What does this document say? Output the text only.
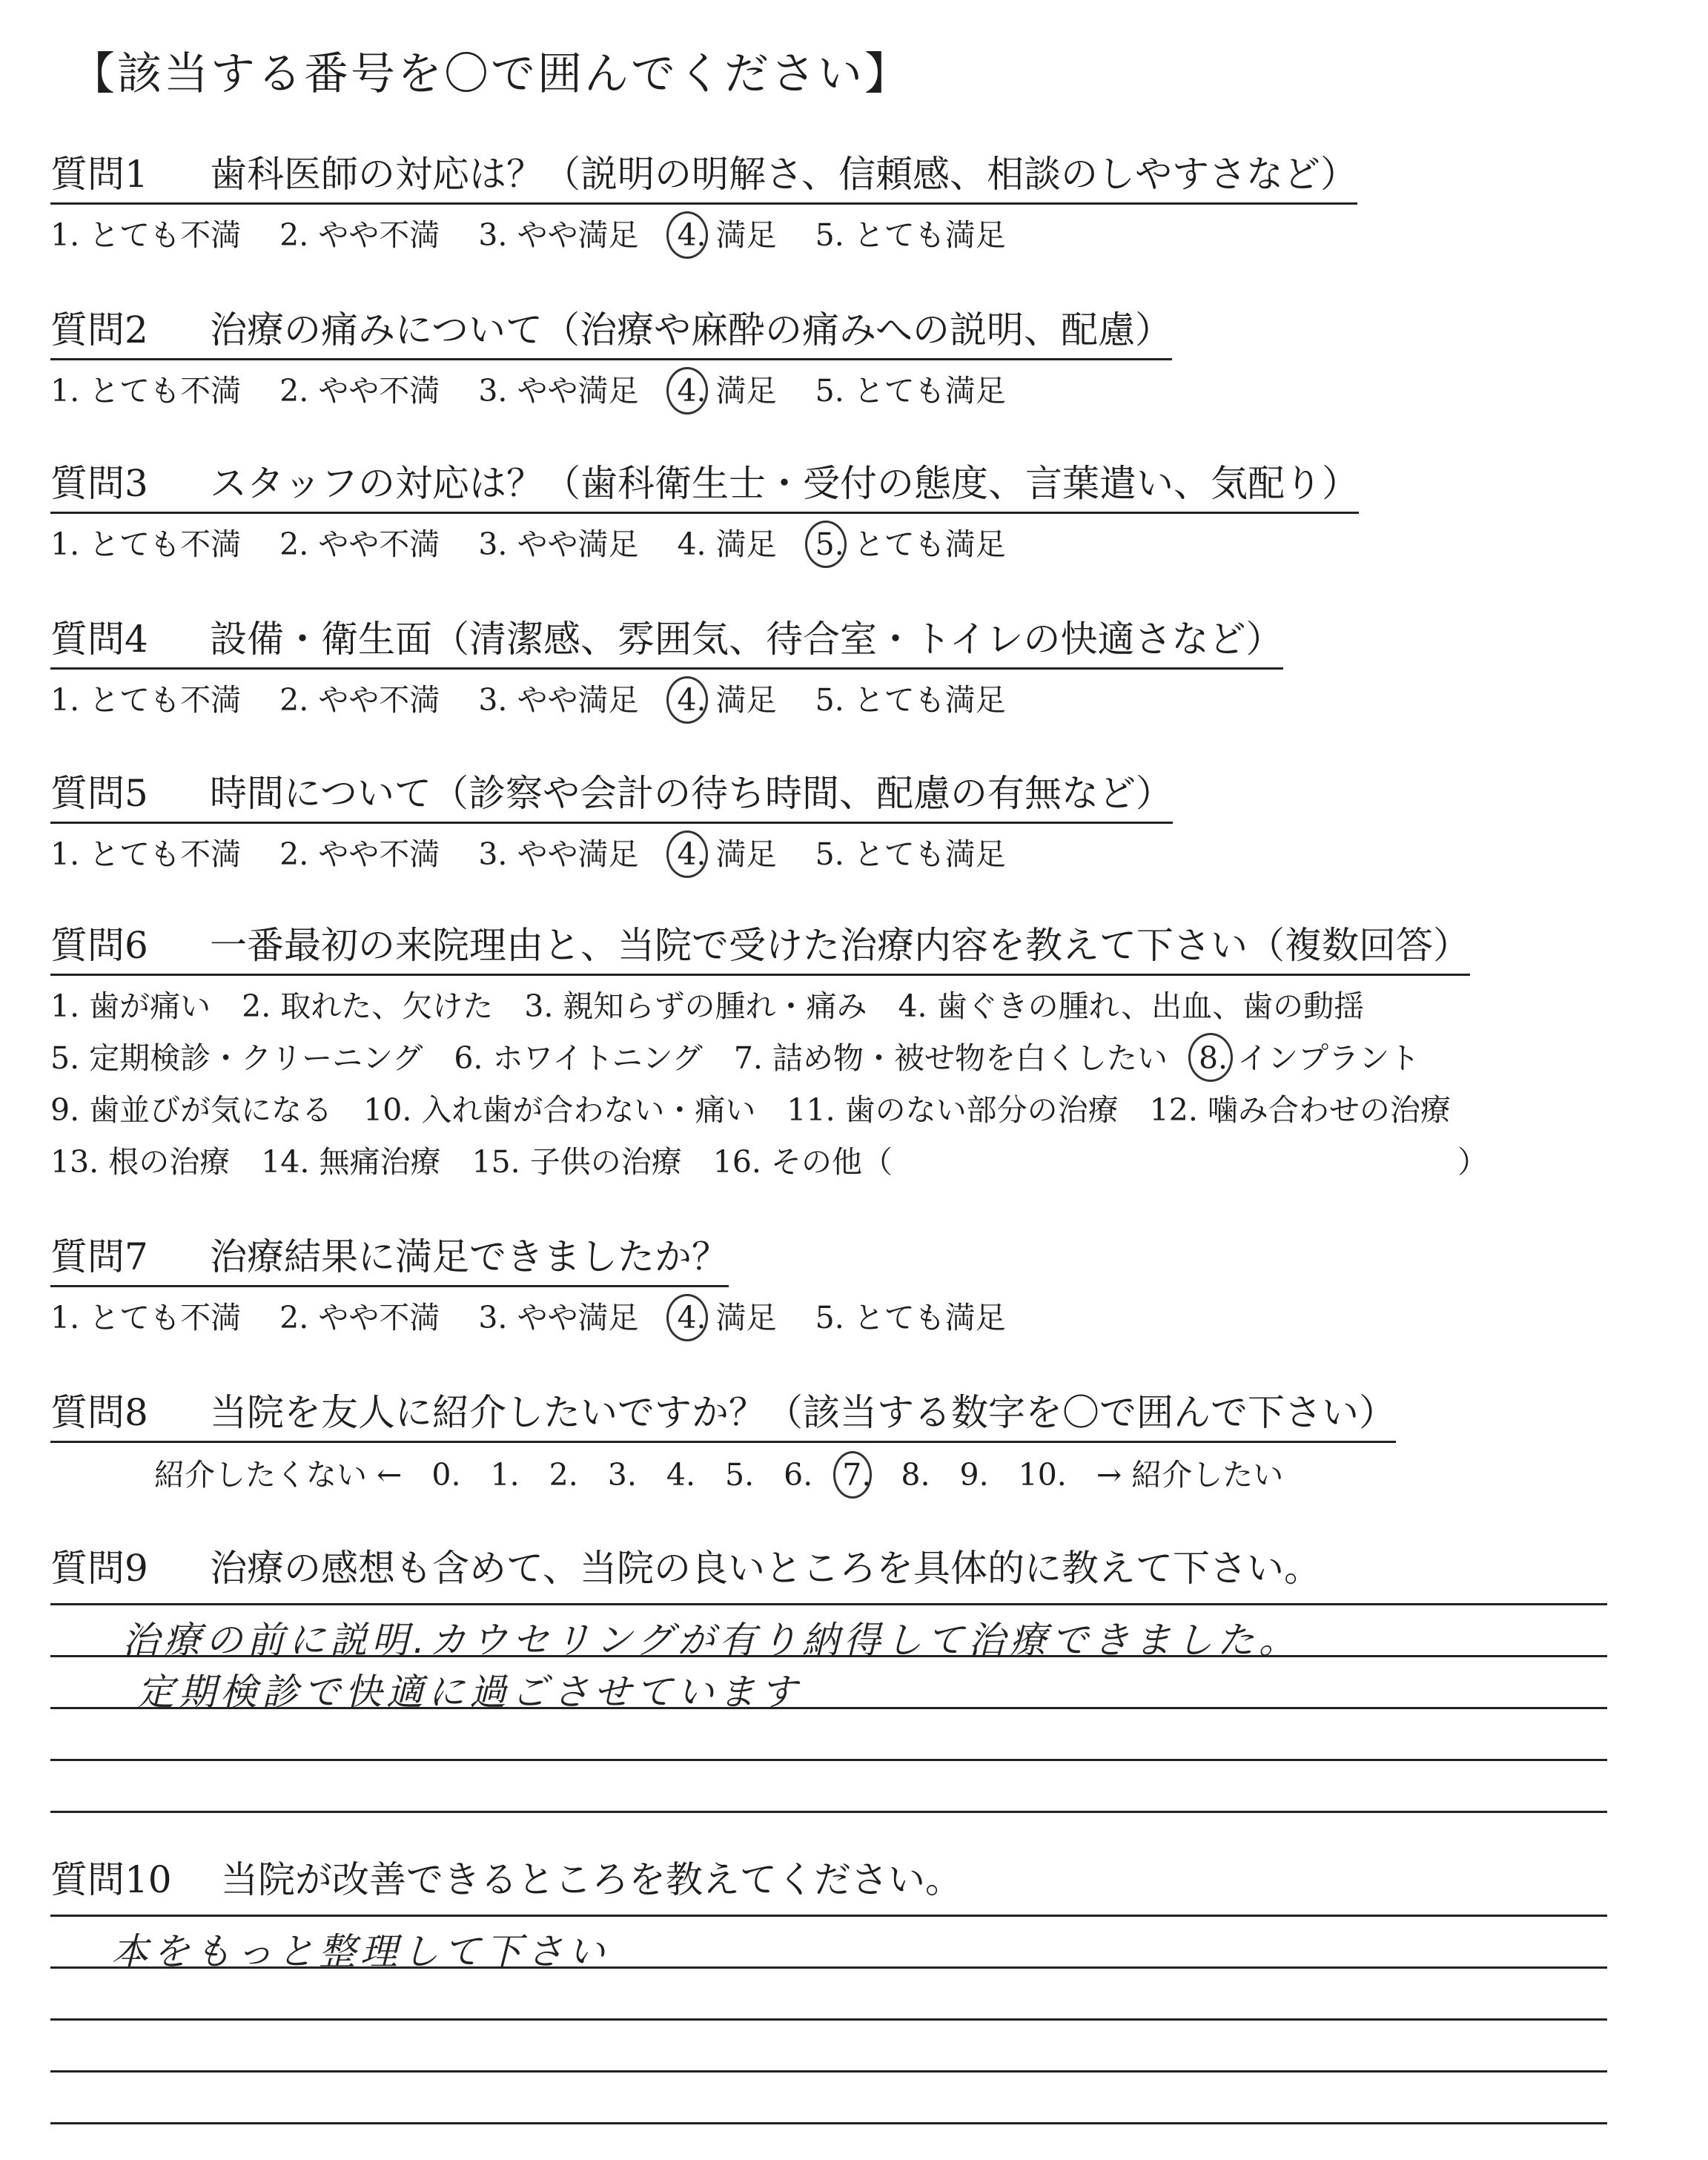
【該当する番号を〇で囲んでください】
質問1 歯科医師の対応は？（説明の明解さ、信頼感、相談のしやすさなど）
1. とても不満 2. やや不満 3. やや満足 4. 満足 5. とても満足
質問2 治療の痛みについて（治療や麻酔の痛みへの説明、配慮）
1. とても不満 2. やや不満 3. やや満足 4. 満足 5. とても満足
質問3 スタッフの対応は？（歯科衛生士・受付の態度、言葉遣い、気配り）
1. とても不満 2. やや不満 3. やや満足 4. 満足 5. とても満足
質問4 設備・衛生面（清潔感、雰囲気、待合室・トイレの快適さなど）
1. とても不満 2. やや不満 3. やや満足 4. 満足 5. とても満足
質問5 時間について（診察や会計の待ち時間、配慮の有無など）
1. とても不満 2. やや不満 3. やや満足 4. 満足 5. とても満足
質問6 一番最初の来院理由と、当院で受けた治療内容を教えて下さい（複数回答）
1. 歯が痛い 2. 取れた、欠けた 3. 親知らずの腫れ・痛み 4. 歯ぐきの腫れ、出血、歯の動揺
5. 定期検診・クリーニング 6. ホワイトニング 7. 詰め物・被せ物を白くしたい 8. インプラント
9. 歯並びが気になる 10. 入れ歯が合わない・痛い 11. 歯のない部分の治療 12. 噛み合わせの治療
13. 根の治療 14. 無痛治療 15. 子供の治療 16. その他（	）
質問7 治療結果に満足できましたか？
1. とても不満 2. やや不満 3. やや満足 4. 満足 5. とても満足
質問8 当院を友人に紹介したいですか？（該当する数字を〇で囲んで下さい）
紹介したくない ← 0. 1. 2. 3. 4. 5. 6. 7. 8. 9. 10. → 紹介したい
質問9 治療の感想も含めて、当院の良いところを具体的に教えて下さい。
治療の前に説明.カウセリングが有り納得して治療できました。
定期検診で快適に過ごさせています
質問10 当院が改善できるところを教えてください。
本をもっと整理して下さい
